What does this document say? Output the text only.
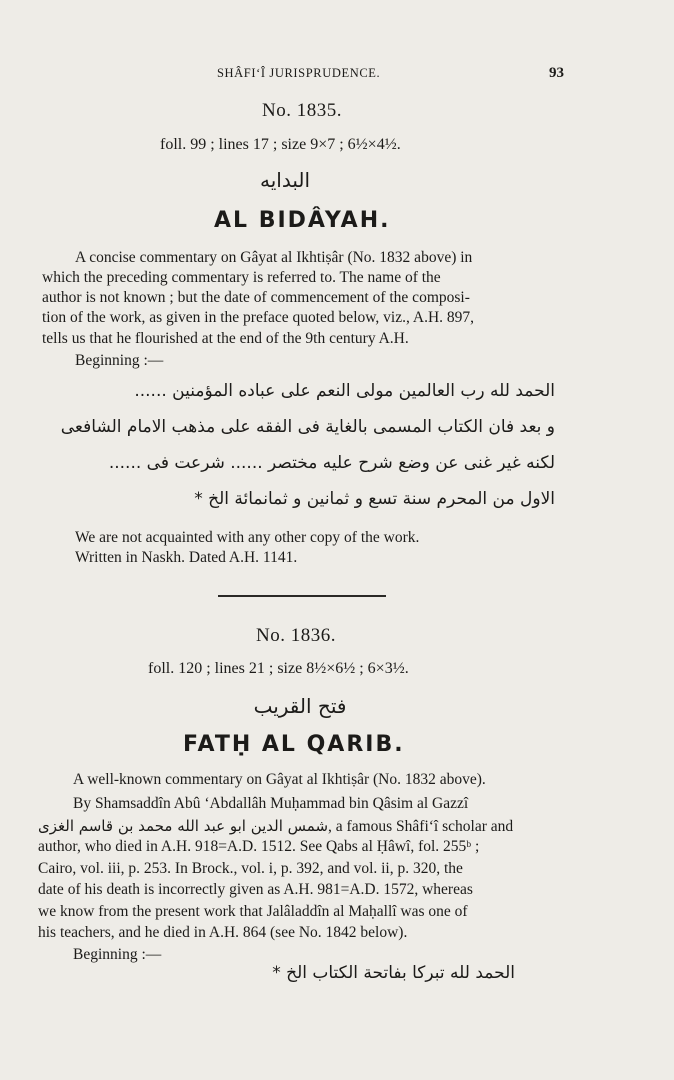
SHÂFI‘Î JURISPRUDENCE.	93
No. 1835.
foll. 99 ; lines 17 ; size 9×7 ; 6½×4½.
البدايه
AL BIDÂYAH.
A concise commentary on Gâyat al Ikhtiṣâr (No. 1832 above) in
which the preceding commentary is referred to. The name of the
author is not known ; but the date of commencement of the composi-
tion of the work, as given in the preface quoted below, viz., A.H. 897,
tells us that he flourished at the end of the 9th century A.H.
Beginning :—
الحمد لله رب العالمين مولى النعم على عباده المؤمنين ......
و بعد فان الكتاب المسمى بالغاية فى الفقه على مذهب الامام الشافعى
لكنه غير غنى عن وضع شرح عليه مختصر ...... شرعت فى ......
الاول من المحرم سنة تسع و ثمانين و ثمانمائة الخ *
We are not acquainted with any other copy of the work.
Written in Naskh. Dated A.H. 1141.
No. 1836.
foll. 120 ; lines 21 ; size 8½×6½ ; 6×3½.
فتح القريب
FATḤ AL QARIB.
A well-known commentary on Gâyat al Ikhtiṣâr (No. 1832 above).
By Shamsaddîn Abû ‘Abdallâh Muḥammad bin Qâsim al Gazzî
شمس الدين ابو عبد الله محمد بن قاسم الغزى, a famous Shâfi‘î scholar and
author, who died in A.H. 918=A.D. 1512. See Qabs al Ḥâwî, fol. 255ᵇ ;
Cairo, vol. iii, p. 253. In Brock., vol. i, p. 392, and vol. ii, p. 320, the
date of his death is incorrectly given as A.H. 981=A.D. 1572, whereas
we know from the present work that Jalâladdîn al Maḥallî was one of
his teachers, and he died in A.H. 864 (see No. 1842 below).
Beginning :—
الحمد لله تبركا بفاتحة الكتاب الخ *
